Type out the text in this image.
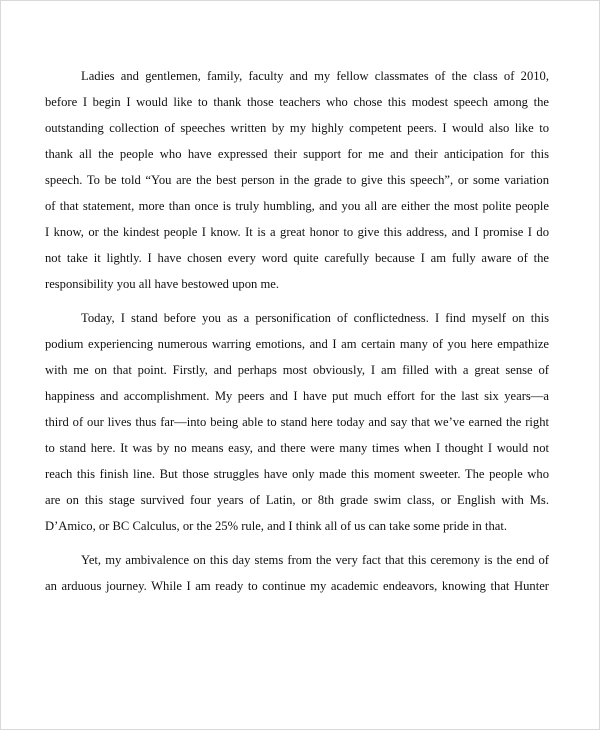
Ladies and gentlemen, family, faculty and my fellow classmates of the class of 2010,
before I begin I would like to thank those teachers who chose this modest speech among the
outstanding collection of speeches written by my highly competent peers. I would also like to
thank all the people who have expressed their support for me and their anticipation for this
speech. To be told “You are the best person in the grade to give this speech”, or some variation
of that statement, more than once is truly humbling, and you all are either the most polite people
I know, or the kindest people I know. It is a great honor to give this address, and I promise I do
not take it lightly. I have chosen every word quite carefully because I am fully aware of the
responsibility you all have bestowed upon me.
Today, I stand before you as a personification of conflictedness. I find myself on this
podium experiencing numerous warring emotions, and I am certain many of you here empathize
with me on that point. Firstly, and perhaps most obviously, I am filled with a great sense of
happiness and accomplishment. My peers and I have put much effort for the last six years—a
third of our lives thus far—into being able to stand here today and say that we’ve earned the right
to stand here. It was by no means easy, and there were many times when I thought I would not
reach this finish line. But those struggles have only made this moment sweeter. The people who
are on this stage survived four years of Latin, or 8th grade swim class, or English with Ms.
D’Amico, or BC Calculus, or the 25% rule, and I think all of us can take some pride in that.
Yet, my ambivalence on this day stems from the very fact that this ceremony is the end of
an arduous journey. While I am ready to continue my academic endeavors, knowing that Hunter
